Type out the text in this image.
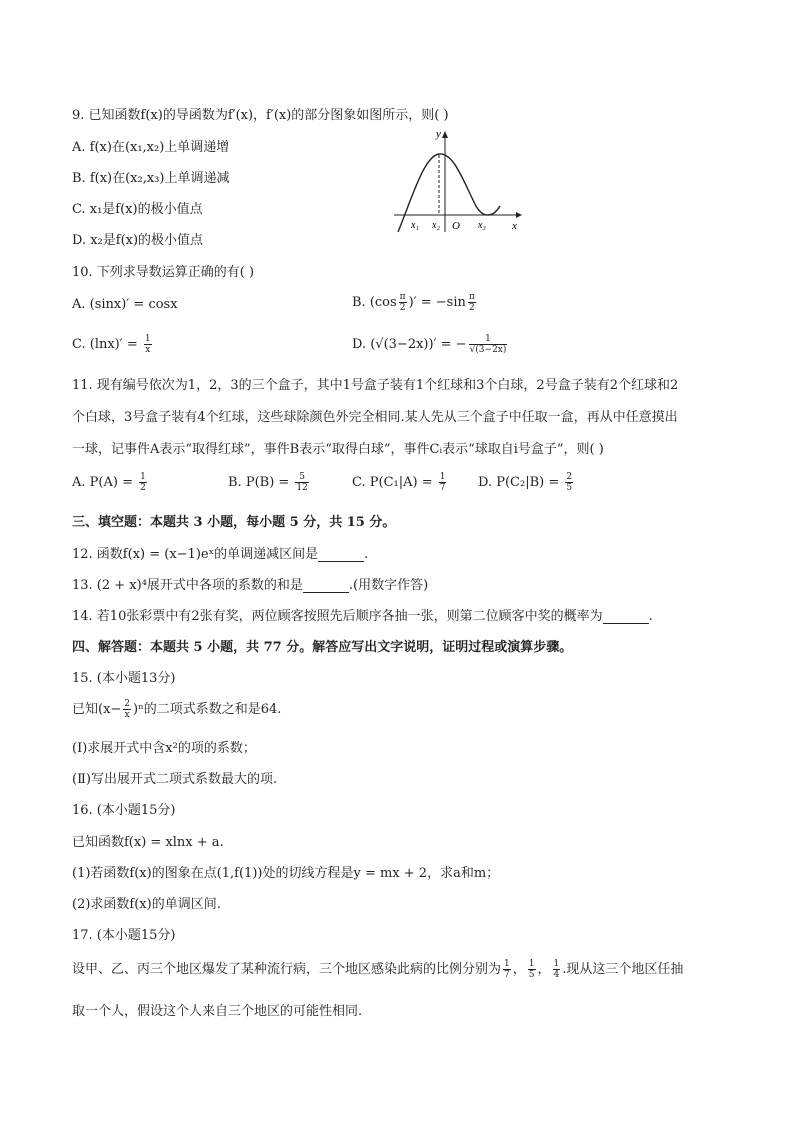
9. 已知函数f(x)的导函数为f′(x)，f′(x)的部分图象如图所示，则( )
A. f(x)在(x₁,x₂)上单调递增
B. f(x)在(x₂,x₃)上单调递减
C. x₁是f(x)的极小值点
D. x₂是f(x)的极小值点
y
x
O
x₁ x₂	x₃
10. 下列求导数运算正确的有( )
A. (sinx)′ = cosx	B. ($\cos \frac{\pi}{2}$ )′ = $-\sin \frac{\pi}{2}$
C. $(\ln x)' = \frac{1}{x}$	D. (√(3−2x))′ = − $\frac{1}{√(3-2x)}$
11. 现有编号依次为1，2，3的三个盒子，其中1号盒子装有1个红球和3个白球，2号盒子装有2个红球和2
个白球，3号盒子装有4个红球，这些球除颜色外完全相同.某人先从三个盒子中任取一盒，再从中任意摸出
一球，记事件A表示“取得红球”，事件B表示“取得白球”，事件Cᵢ表示“球取自i号盒子”，则( )
A. $P(A) = \frac{1}{2}$	B. $P(B) = \frac{5}{12}$	C. $P(C_1|A) = \frac{1}{7} D$. $P(C_2|B) = \frac{2}{5}$
三、填空题：本题共 3 小题，每小题 5 分，共 15 分。
12. 函数f(x) = (x−1)eˣ的单调递减区间是	.
13. (2 + x)⁴展开式中各项的系数的和是	.(用数字作答)
14. 若10张彩票中有2张有奖，两位顾客按照先后顺序各抽一张，则第二位顾客中奖的概率为	.
四、解答题：本题共 5 小题，共 77 分。解答应写出文字说明，证明过程或演算步骤。
15. (本小题13分)
已知$(x- \frac{2}{x} )^n$的二项式系数之和是64.
(Ⅰ)求展开式中含x²的项的系数；
(Ⅱ)写出展开式二项式系数最大的项.
16. (本小题15分)
已知函数f(x) = xlnx + a.
(1)若函数f(x)的图象在点(1,f(1))处的切线方程是y = mx + 2，求a和m；
(2)求函数f(x)的单调区间.
17. (本小题15分)
设甲、乙、丙三个地区爆发了某种流行病，三个地区感染此病的比例分别为 $\frac{1}{7}$ ， $\frac{1}{5}$ ， $\frac{1}{4}$ .现从这三个地区任抽
取一个人，假设这个人来自三个地区的可能性相同.
